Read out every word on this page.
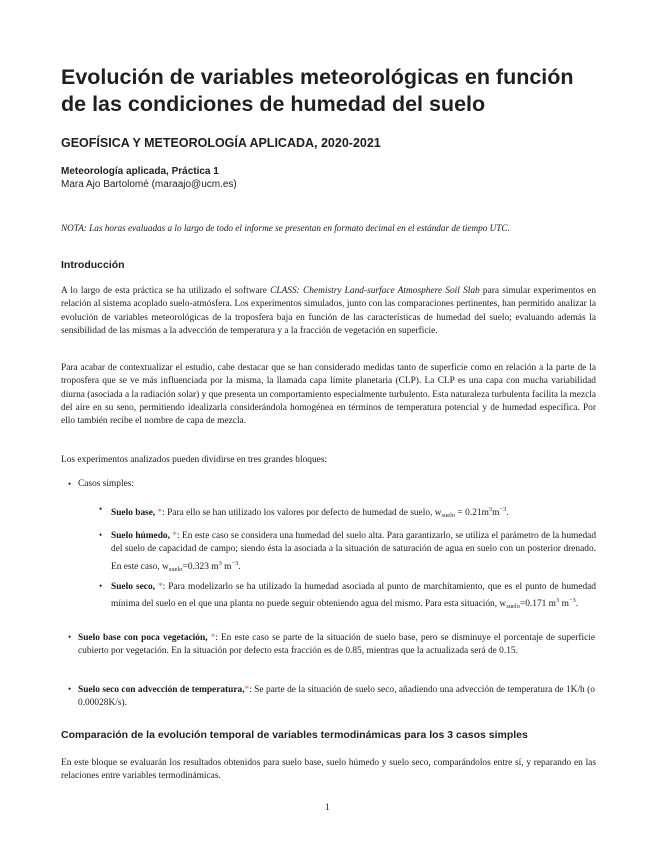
Evolución de variables meteorológicas en función de las condiciones de humedad del suelo
GEOFÍSICA Y METEOROLOGÍA APLICADA, 2020-2021
Meteorología aplicada, Práctica 1
Mara Ajo Bartolomé (maraajo@ucm.es)
NOTA: Las horas evaluadas a lo largo de todo el informe se presentan en formato decimal en el estándar de tiempo UTC.
Introducción

A lo largo de esta práctica se ha utilizado el software CLASS: Chemistry Land-surface Atmosphere Soil Slab para simular experimentos en relación al sistema acoplado suelo-atmósfera. Los experimentos simulados, junto con las comparaciones pertinentes, han permitido analizar la evolución de variables meteorológicas de la troposfera baja en función de las características de humedad del suelo; evaluando además la sensibilidad de las mismas a la advección de temperatura y a la fracción de vegetación en superficie.

Para acabar de contextualizar el estudio, cabe destacar que se han considerado medidas tanto de superficie como en relación a la parte de la troposfera que se ve más influenciada por la misma, la llamada capa límite planetaria (CLP). La CLP es una capa con mucha variabilidad diurna (asociada a la radiación solar) y que presenta un comportamiento especialmente turbulento. Esta naturaleza turbulenta facilita la mezcla del aire en su seno, permitiendo idealizarla considerándola homogénea en términos de temperatura potencial y de humedad específica. Por ello también recibe el nombre de capa de mezcla.

Los experimentos analizados pueden dividirse en tres grandes bloques:

• Casos simples:
• Suelo base, *: Para ello se han utilizado los valores por defecto de humedad de suelo, $w_{suelo} = 0.21m^3m^{-3}$.
• Suelo húmedo, *: En este caso se considera una humedad del suelo alta. Para garantizarlo, se utiliza el parámetro de la humedad del suelo de capacidad de campo; siendo ésta la asociada a la situación de saturación de agua en suelo con un posterior drenado. En este caso, $w_{suelo}=0.323$ $m^3$ $m^{-3}$.
• Suelo seco, *: Para modelizarlo se ha utilizado la humedad asociada al punto de marchitamiento, que es el punto de humedad mínima del suelo en el que una planta no puede seguir obteniendo agua del mismo. Para esta situación, $w_{suelo}=0.171$ $m^3$ $m^{-3}$.
• Suelo base con poca vegetación, *: En este caso se parte de la situación de suelo base, pero se disminuye el porcentaje de superficie cubierto por vegetación. En la situación por defecto esta fracción es de 0.85, mientras que la actualizada será de 0.15.
• Suelo seco con advección de temperatura,*: Se parte de la situación de suelo seco, añadiendo una advección de temperatura de 1K/h (o 0.00028K/s).
Comparación de la evolución temporal de variables termodinámicas para los 3 casos simples

En este bloque se evaluarán los resultados obtenidos para suelo base, suelo húmedo y suelo seco, comparándolos entre sí, y reparando en las relaciones entre variables termodinámicas.

1
